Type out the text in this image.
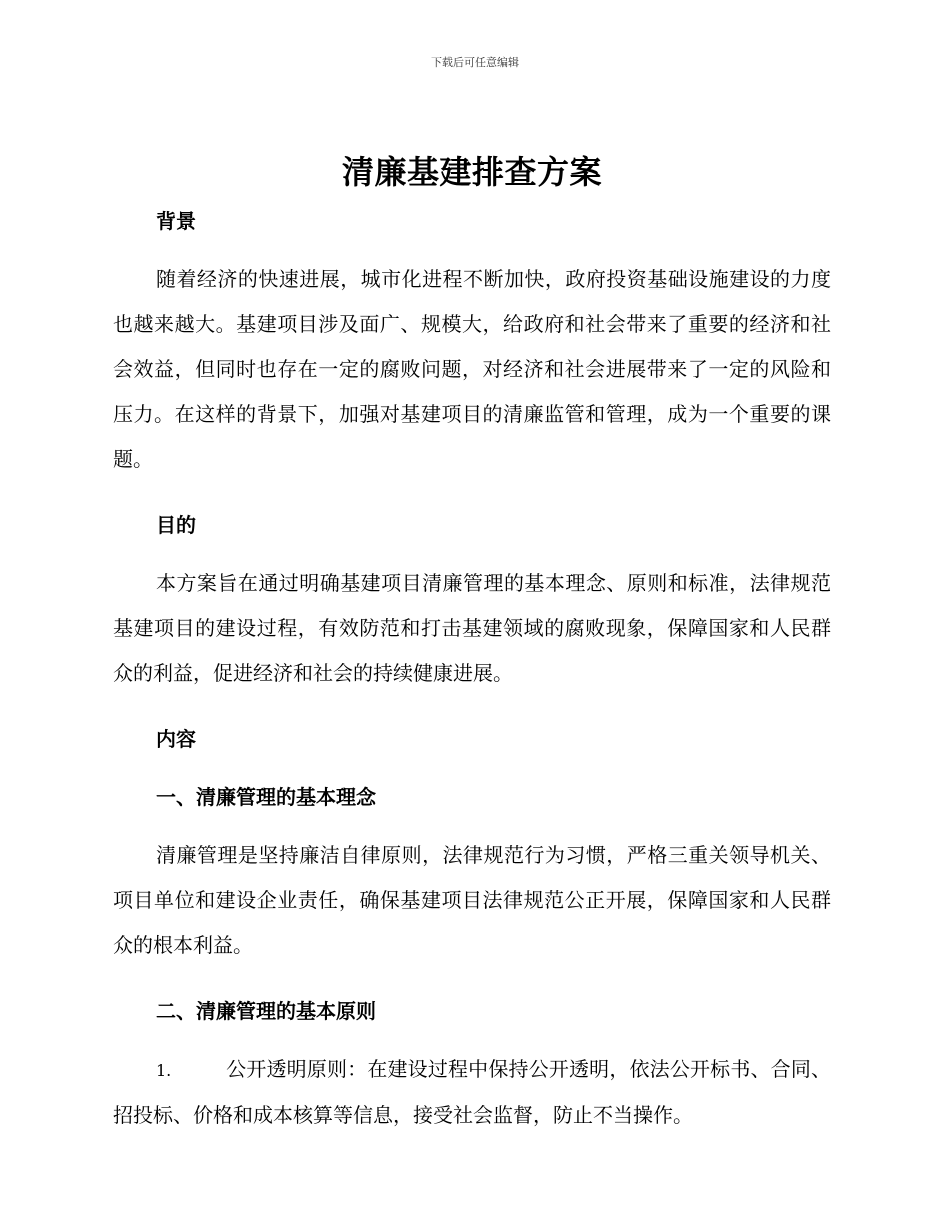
下载后可任意编辑
清廉基建排查方案
背景

随着经济的快速进展，城市化进程不断加快，政府投资基础设施建设的力度也越来越大。基建项目涉及面广、规模大，给政府和社会带来了重要的经济和社会效益，但同时也存在一定的腐败问题，对经济和社会进展带来了一定的风险和压力。在这样的背景下，加强对基建项目的清廉监管和管理，成为一个重要的课题。

目的

本方案旨在通过明确基建项目清廉管理的基本理念、原则和标准，法律规范基建项目的建设过程，有效防范和打击基建领域的腐败现象，保障国家和人民群众的利益，促进经济和社会的持续健康进展。

内容
一、清廉管理的基本理念

清廉管理是坚持廉洁自律原则，法律规范行为习惯，严格三重关领导机关、项目单位和建设企业责任，确保基建项目法律规范公正开展，保障国家和人民群众的根本利益。

二、清廉管理的基本原则

1.	公开透明原则：在建设过程中保持公开透明，依法公开标书、合同、招投标、价格和成本核算等信息，接受社会监督，防止不当操作。
